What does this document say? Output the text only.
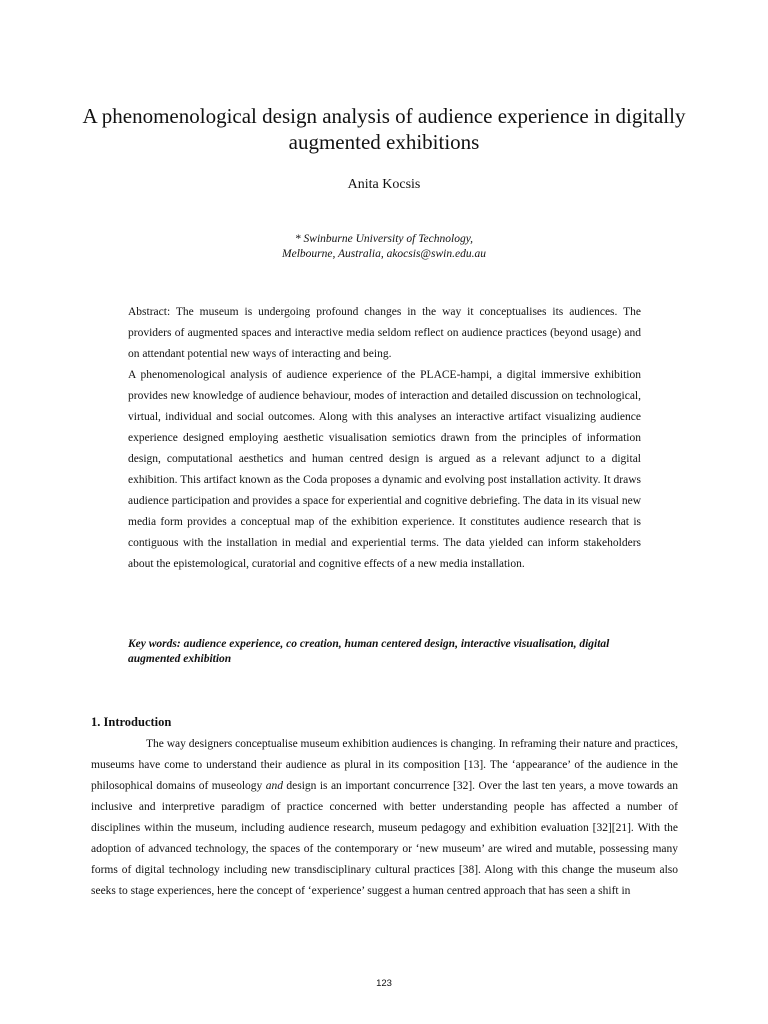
A phenomenological design analysis of audience experience in digitally augmented exhibitions
Anita Kocsis
* Swinburne University of Technology,
Melbourne, Australia, akocsis@swin.edu.au

Abstract: The museum is undergoing profound changes in the way it conceptualises its audiences. The providers of augmented spaces and interactive media seldom reflect on audience practices (beyond usage) and on attendant potential new ways of interacting and being.

A phenomenological analysis of audience experience of the PLACE-hampi, a digital immersive exhibition provides new knowledge of audience behaviour, modes of interaction and detailed discussion on technological, virtual, individual and social outcomes. Along with this analyses an interactive artifact visualizing audience experience designed employing aesthetic visualisation semiotics drawn from the principles of information design, computational aesthetics and human centred design is argued as a relevant adjunct to a digital exhibition. This artifact known as the Coda proposes a dynamic and evolving post installation activity. It draws audience participation and provides a space for experiential and cognitive debriefing. The data in its visual new media form provides a conceptual map of the exhibition experience. It constitutes audience research that is contiguous with the installation in medial and experiential terms. The data yielded can inform stakeholders about the epistemological, curatorial and cognitive effects of a new media installation.

Key words: audience experience, co creation, human centered design, interactive visualisation, digital augmented exhibition
1. Introduction

The way designers conceptualise museum exhibition audiences is changing. In reframing their nature and practices, museums have come to understand their audience as plural in its composition [13]. The ‘appearance’ of the audience in the philosophical domains of museology and design is an important concurrence [32]. Over the last ten years, a move towards an inclusive and interpretive paradigm of practice concerned with better understanding people has affected a number of disciplines within the museum, including audience research, museum pedagogy and exhibition evaluation [32][21]. With the adoption of advanced technology, the spaces of the contemporary or ‘new museum’ are wired and mutable, possessing many forms of digital technology including new transdisciplinary cultural practices [38]. Along with this change the museum also seeks to stage experiences, here the concept of ‘experience’ suggest a human centred approach that has seen a shift in

123
